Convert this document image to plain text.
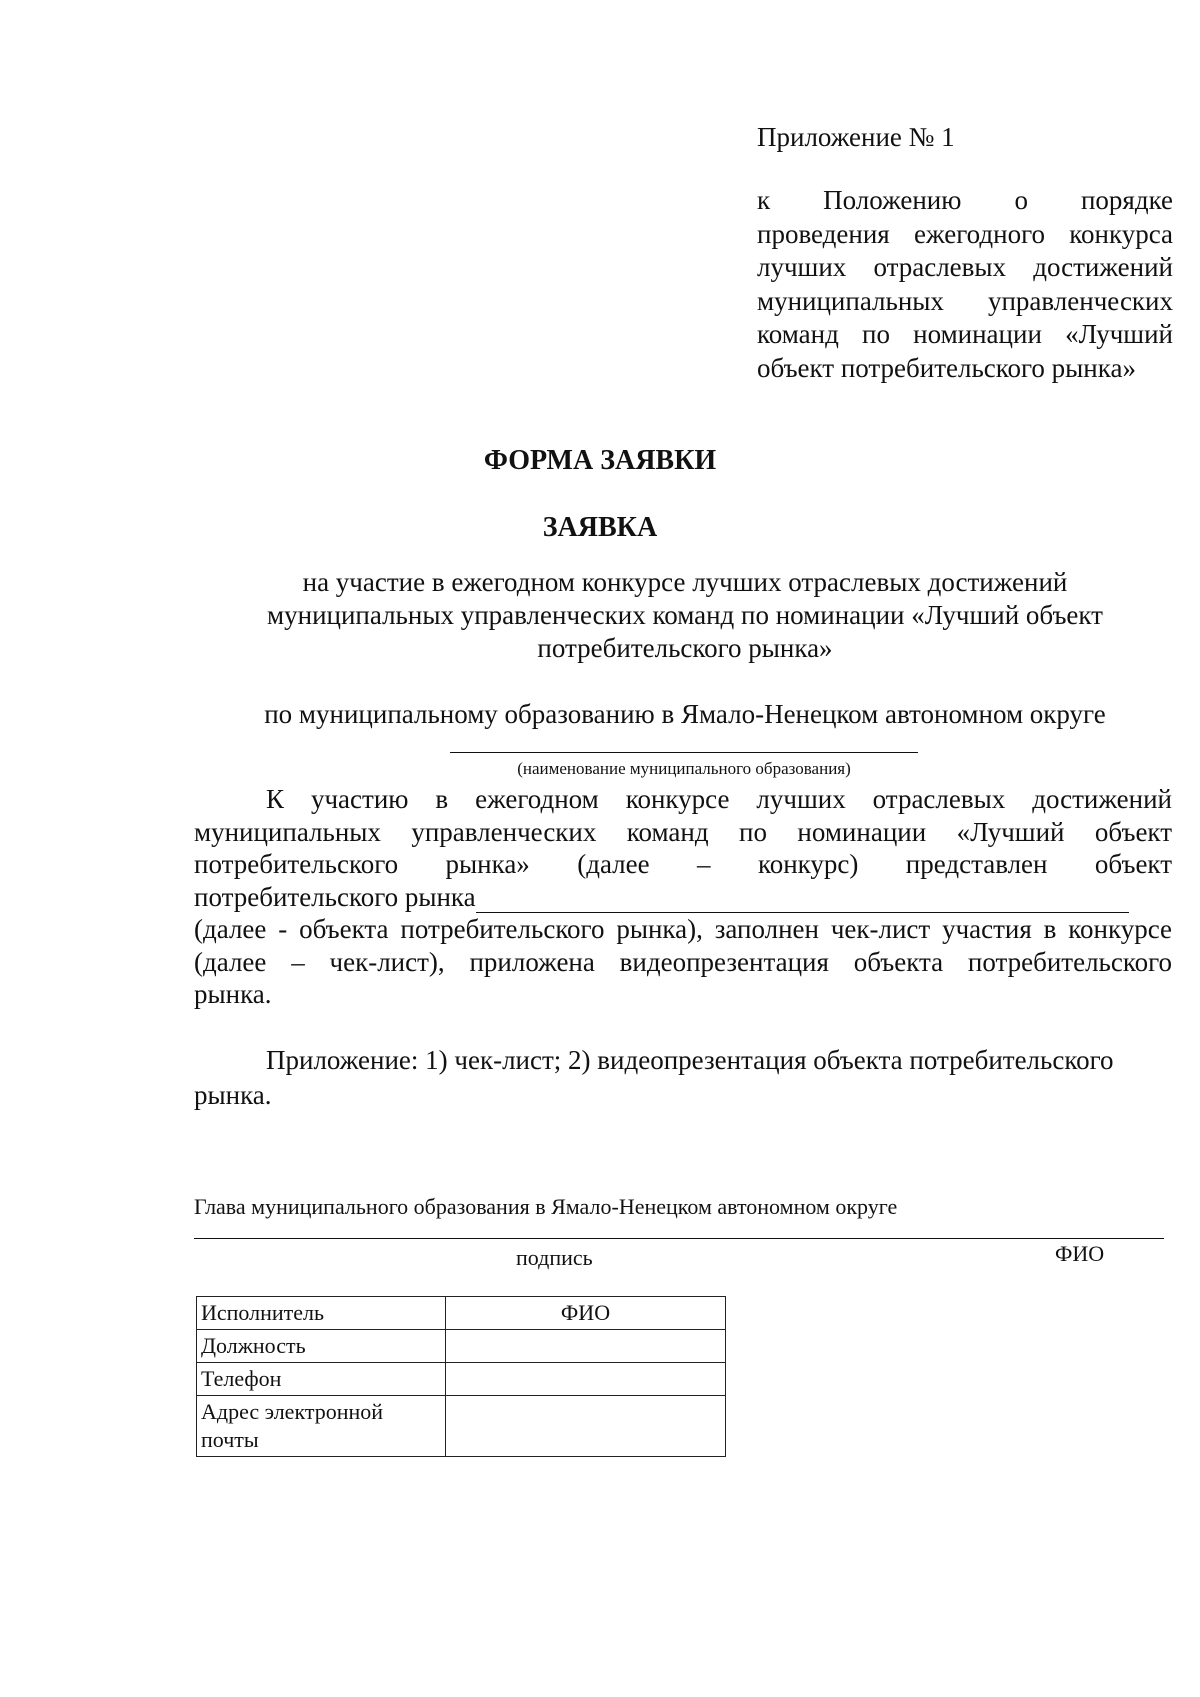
Приложение № 1
к Положению о порядке
проведения ежегодного конкурса
лучших отраслевых достижений
муниципальных управленческих
команд по номинации «Лучший
объект потребительского рынка»
ФОРМА ЗАЯВКИ
ЗАЯВКА
на участие в ежегодном конкурсе лучших отраслевых достижений
муниципальных управленческих команд по номинации «Лучший объект
потребительского рынка»
по муниципальному образованию в Ямало-Ненецком автономном округе
(наименование муниципального образования)
К участию в ежегодном конкурсе лучших отраслевых достижений
муниципальных управленческих команд по номинации «Лучший объект
потребительского рынка» (далее – конкурс) представлен объект
потребительского рынка
(далее - объекта потребительского рынка), заполнен чек-лист участия в конкурсе
(далее – чек-лист), приложена видеопрезентация объекта потребительского
рынка.
Приложение: 1) чек-лист; 2) видеопрезентация объекта потребительского
рынка.
Глава муниципального образования в Ямало-Ненецком автономном округе
подпись	ФИО
Исполнитель	ФИО
Должность	
Телефон	
Адрес электронной почты	
